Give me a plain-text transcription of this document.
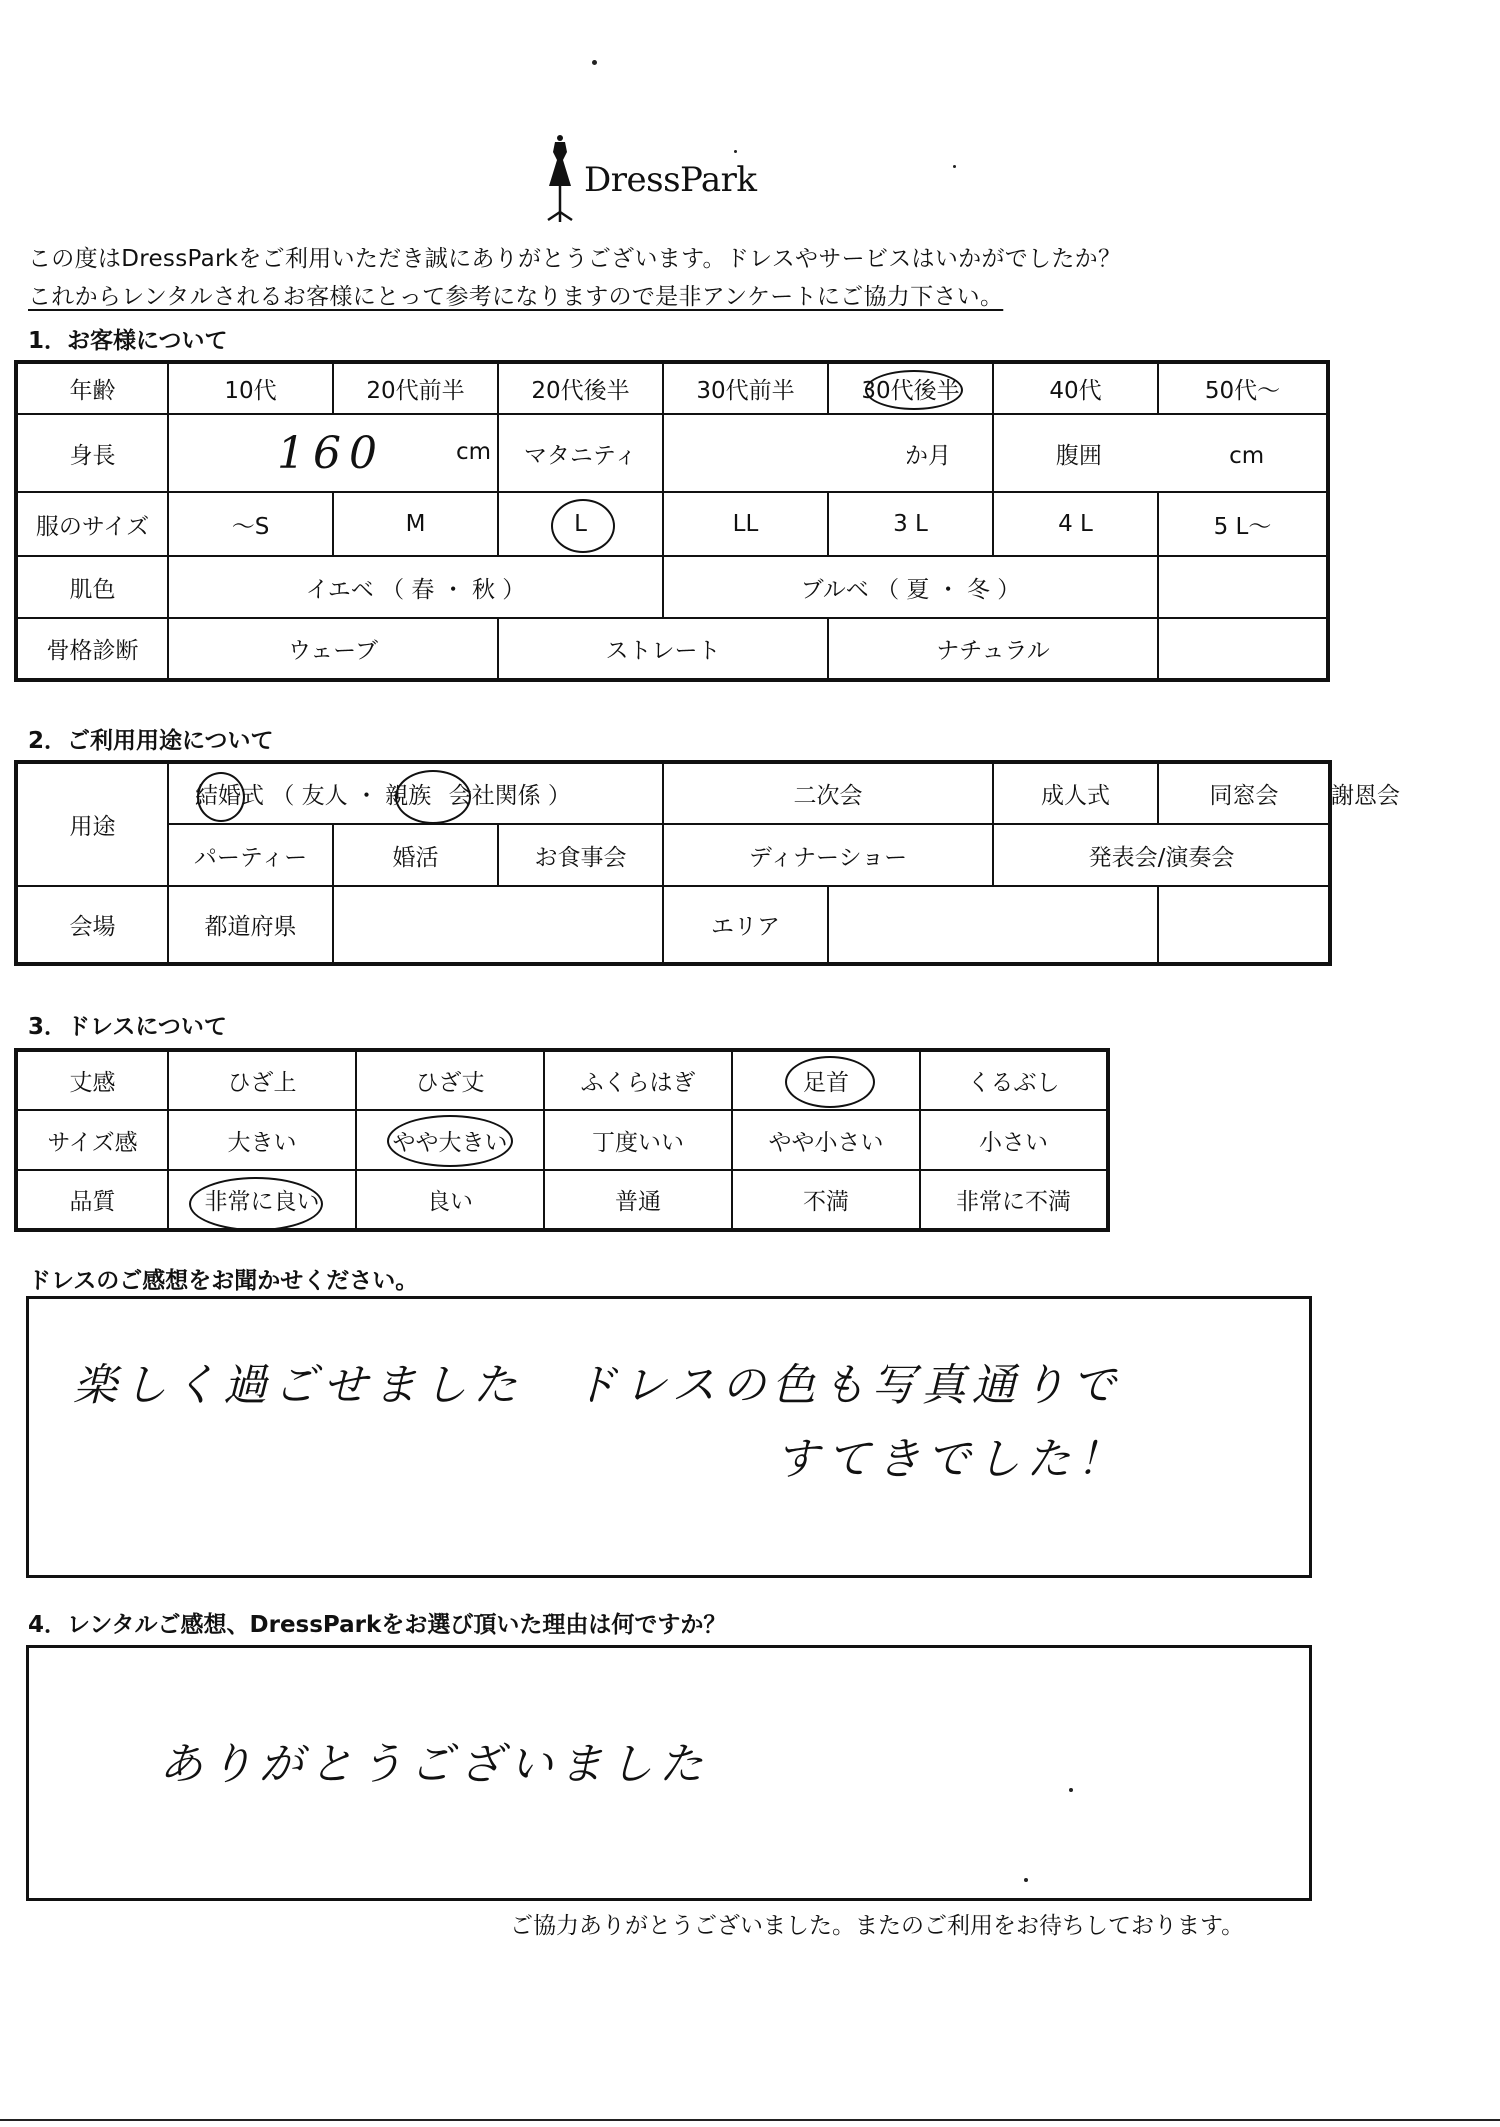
DressPark
この度はDressParkをご利用いただき誠にありがとうございます。ドレスやサービスはいかがでしたか？
これからレンタルされるお客様にとって参考になりますので是非アンケートにご協力下さい。
1．お客様について
年齢	10代	20代前半	20代後半	30代前半	30代後半	40代	50代〜
身長	160 cm		マタニティ	か月		腹囲 cm	
服のサイズ	〜S	M	L	LL	3 L	4 L	5 L〜
肌色	イエベ （ 春 ・ 秋 ）			ブルベ （ 夏 ・ 冬 ）			
骨格診断	ウェーブ		ストレート		ナチュラル		
2．ご利用用途について
用途	結婚式 （ 友人 ・ 親族 会社関係 ）			二次会		成人式	同窓会	謝恩会
	パーティー	婚活	お食事会	ディナーショー		発表会/演奏会		
会場	都道府県			エリア				
3．ドレスについて
丈感	ひざ上	ひざ丈	ふくらはぎ	足首	くるぶし
サイズ感	大きい	やや大きい	丁度いい	やや小さい	小さい
品質	非常に良い	良い	普通	不満	非常に不満
ドレスのご感想をお聞かせください。
楽しく過ごせました　ドレスの色も写真通りで
すてきでした！
4．レンタルご感想、DressParkをお選び頂いた理由は何ですか？
ありがとうございました
ご協力ありがとうございました。またのご利用をお待ちしております。
